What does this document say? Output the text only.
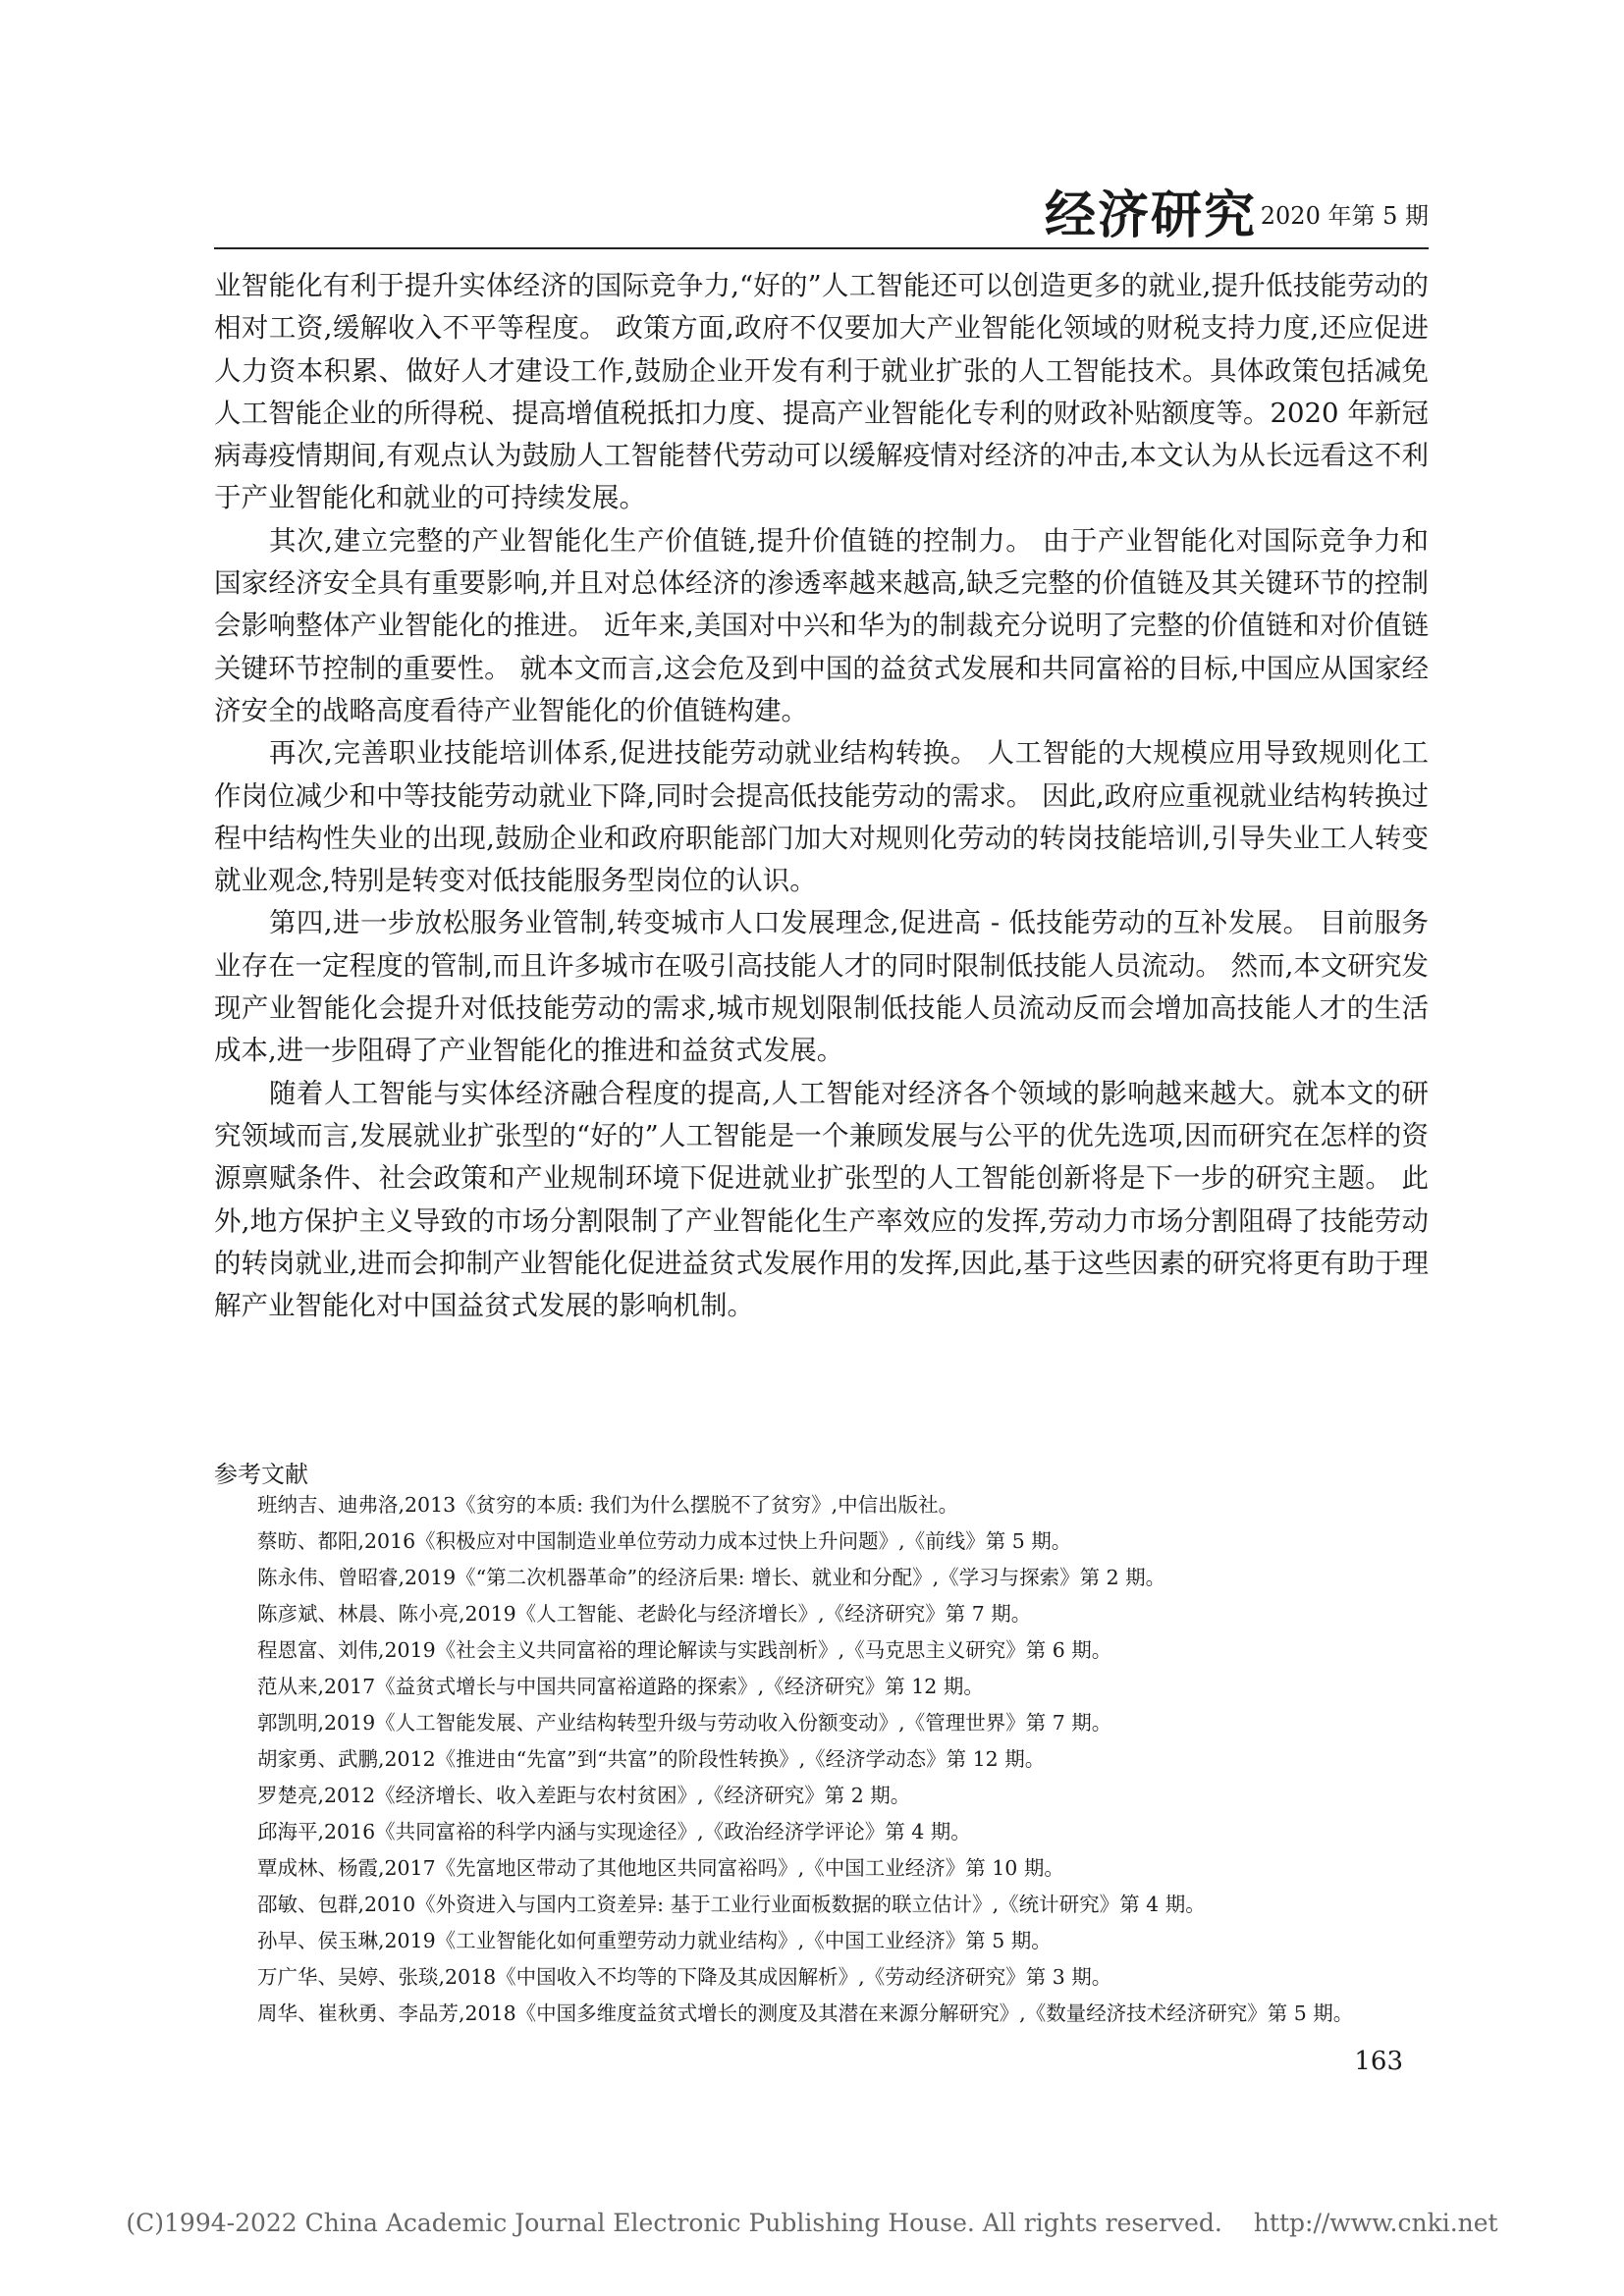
经济研究 2020 年第 5 期

业智能化有利于提升实体经济的国际竞争力,“好的”人工智能还可以创造更多的就业,提升低技能劳动的相对工资,缓解收入不平等程度。 政策方面,政府不仅要加大产业智能化领域的财税支持力度,还应促进人力资本积累、做好人才建设工作,鼓励企业开发有利于就业扩张的人工智能技术。具体政策包括减免人工智能企业的所得税、提高增值税抵扣力度、提高产业智能化专利的财政补贴额度等。2020 年新冠病毒疫情期间,有观点认为鼓励人工智能替代劳动可以缓解疫情对经济的冲击,本文认为从长远看这不利于产业智能化和就业的可持续发展。

其次,建立完整的产业智能化生产价值链,提升价值链的控制力。 由于产业智能化对国际竞争力和国家经济安全具有重要影响,并且对总体经济的渗透率越来越高,缺乏完整的价值链及其关键环节的控制会影响整体产业智能化的推进。 近年来,美国对中兴和华为的制裁充分说明了完整的价值链和对价值链关键环节控制的重要性。 就本文而言,这会危及到中国的益贫式发展和共同富裕的目标,中国应从国家经济安全的战略高度看待产业智能化的价值链构建。

再次,完善职业技能培训体系,促进技能劳动就业结构转换。 人工智能的大规模应用导致规则化工作岗位减少和中等技能劳动就业下降,同时会提高低技能劳动的需求。 因此,政府应重视就业结构转换过程中结构性失业的出现,鼓励企业和政府职能部门加大对规则化劳动的转岗技能培训,引导失业工人转变就业观念,特别是转变对低技能服务型岗位的认识。

第四,进一步放松服务业管制,转变城市人口发展理念,促进高 - 低技能劳动的互补发展。 目前服务业存在一定程度的管制,而且许多城市在吸引高技能人才的同时限制低技能人员流动。 然而,本文研究发现产业智能化会提升对低技能劳动的需求,城市规划限制低技能人员流动反而会增加高技能人才的生活成本,进一步阻碍了产业智能化的推进和益贫式发展。

随着人工智能与实体经济融合程度的提高,人工智能对经济各个领域的影响越来越大。就本文的研究领域而言,发展就业扩张型的“好的”人工智能是一个兼顾发展与公平的优先选项,因而研究在怎样的资源禀赋条件、社会政策和产业规制环境下促进就业扩张型的人工智能创新将是下一步的研究主题。 此外,地方保护主义导致的市场分割限制了产业智能化生产率效应的发挥,劳动力市场分割阻碍了技能劳动的转岗就业,进而会抑制产业智能化促进益贫式发展作用的发挥,因此,基于这些因素的研究将更有助于理解产业智能化对中国益贫式发展的影响机制。

参考文献
班纳吉、迪弗洛,2013《贫穷的本质: 我们为什么摆脱不了贫穷》,中信出版社。
蔡昉、都阳,2016《积极应对中国制造业单位劳动力成本过快上升问题》,《前线》第 5 期。
陈永伟、曾昭睿,2019《“第二次机器革命”的经济后果: 增长、就业和分配》,《学习与探索》第 2 期。
陈彦斌、林晨、陈小亮,2019《人工智能、老龄化与经济增长》,《经济研究》第 7 期。
程恩富、刘伟,2019《社会主义共同富裕的理论解读与实践剖析》,《马克思主义研究》第 6 期。
范从来,2017《益贫式增长与中国共同富裕道路的探索》,《经济研究》第 12 期。
郭凯明,2019《人工智能发展、产业结构转型升级与劳动收入份额变动》,《管理世界》第 7 期。
胡家勇、武鹏,2012《推进由“先富”到“共富”的阶段性转换》,《经济学动态》第 12 期。
罗楚亮,2012《经济增长、收入差距与农村贫困》,《经济研究》第 2 期。
邱海平,2016《共同富裕的科学内涵与实现途径》,《政治经济学评论》第 4 期。
覃成林、杨霞,2017《先富地区带动了其他地区共同富裕吗》,《中国工业经济》第 10 期。
邵敏、包群,2010《外资进入与国内工资差异: 基于工业行业面板数据的联立估计》,《统计研究》第 4 期。
孙早、侯玉琳,2019《工业智能化如何重塑劳动力就业结构》,《中国工业经济》第 5 期。
万广华、吴婷、张琰,2018《中国收入不均等的下降及其成因解析》,《劳动经济研究》第 3 期。
周华、崔秋勇、李品芳,2018《中国多维度益贫式增长的测度及其潜在来源分解研究》,《数量经济技术经济研究》第 5 期。
163
(C)1994-2022 China Academic Journal Electronic Publishing House. All rights reserved. http://www.cnki.net
